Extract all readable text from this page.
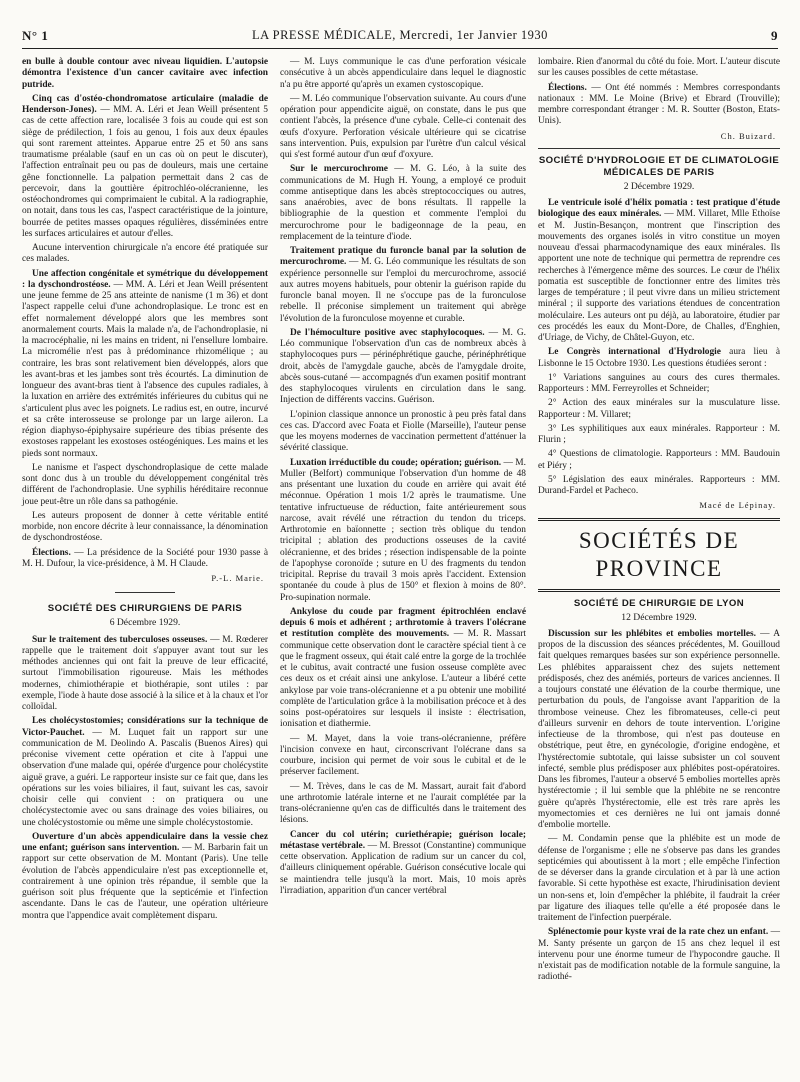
N° 1	LA PRESSE MÉDICALE, Mercredi, 1er Janvier 1930	9

en bulle à double contour avec niveau liquidien. L'autopsie démontra l'existence d'un cancer cavitaire avec infection putride.

Cinq cas d'ostéo-chondromatose articulaire (maladie de Henderson-Jones). — MM. A. Léri et Jean Weill présentent 5 cas de cette affection rare, localisée 3 fois au coude qui est son siège de prédilection, 1 fois au genou, 1 fois aux deux épaules qui sont rarement atteintes. Apparue entre 25 et 50 ans sans traumatisme préalable (sauf en un cas où on peut le discuter), l'affection entraînait peu ou pas de douleurs, mais une certaine gêne fonctionnelle. La palpation permettait dans 2 cas de percevoir, dans la gouttière épitrochléo-olécranienne, les ostéochondromes qui comprimaient le cubital. A la radiographie, on notait, dans tous les cas, l'aspect caractéristique de la jointure, bourrée de petites masses opaques régulières, disséminées entre les surfaces articulaires et autour d'elles.

Aucune intervention chirurgicale n'a encore été pratiquée sur ces malades.

Une affection congénitale et symétrique du développement : la dyschondrostéose. — MM. A. Léri et Jean Weill présentent une jeune femme de 25 ans atteinte de nanisme (1 m 36) et dont l'aspect rappelle celui d'une achondroplasique. Le tronc est en effet normalement développé alors que les membres sont anormalement courts. Mais la malade n'a, de l'achondroplasie, ni la macrocéphalie, ni les mains en trident, ni l'ensellure lombaire. La micromélie n'est pas à prédominance rhizomélique ; au contraire, les bras sont relativement bien développés, alors que les avant-bras et les jambes sont très écourtés. La diminution de longueur des avant-bras tient à l'absence des cupules radiales, à la luxation en arrière des extrémités inférieures du cubitus qui ne s'articulent plus avec les poignets. Le radius est, en outre, incurvé et sa crête interosseuse se prolonge par un large aileron. La région diaphyso-épiphysaire supérieure des tibias présente des exostoses rappelant les exostoses ostéogéniques. Les mains et les pieds sont normaux.

Le nanisme et l'aspect dyschondroplasique de cette malade sont donc dus à un trouble du développement congénital très différent de l'achondroplasie. Une syphilis héréditaire reconnue joue peut-être un rôle dans sa pathogénie.

Les auteurs proposent de donner à cette véritable entité morbide, non encore décrite à leur connaissance, la dénomination de dyschondrostéose.

Élections. — La présidence de la Société pour 1930 passe à M. H. Dufour, la vice-présidence, à M. H Claude.

P.-L. Marie.
SOCIÉTÉ DES CHIRURGIENS DE PARIS
6 Décembre 1929.

Sur le traitement des tuberculoses osseuses. — M. Rœderer rappelle que le traitement doit s'appuyer avant tout sur les méthodes anciennes qui ont fait la preuve de leur efficacité, surtout l'immobilisation rigoureuse. Mais les méthodes modernes, chimiothérapie et biothérapie, sont utiles : par exemple, l'iode à haute dose associé à la silice et à la chaux et l'or colloïdal.

Les cholécystostomies; considérations sur la technique de Victor-Pauchet. — M. Luquet fait un rapport sur une communication de M. Deolindo A. Pascalis (Buenos Aires) qui préconise vivement cette opération et cite à l'appui une observation d'une malade qui, opérée d'urgence pour cholécystite aiguë grave, a guéri. Le rapporteur insiste sur ce fait que, dans les opérations sur les voies biliaires, il faut, suivant les cas, savoir choisir celle qui convient : on pratiquera ou une cholécystectomie avec ou sans drainage des voies biliaires, ou une cholécystostomie ou même une simple cholécystostomie.

Ouverture d'un abcès appendiculaire dans la vessie chez une enfant; guérison sans intervention. — M. Barbarin fait un rapport sur cette observation de M. Montant (Paris). Une telle évolution de l'abcès appendiculaire n'est pas exceptionnelle et, contrairement à une opinion très répandue, il semble que la guérison soit plus fréquente que la septicémie et l'infection ascendante. Dans le cas de l'auteur, une opération ultérieure montra que l'appendice avait complètement disparu.

— M. Luys communique le cas d'une perforation vésicale consécutive à un abcès appendiculaire dans lequel le diagnostic n'a pu être apporté qu'après un examen cystoscopique.

— M. Léo communique l'observation suivante. Au cours d'une opération pour appendicite aiguë, on constate, dans le pus que contient l'abcès, la présence d'une cybale. Celle-ci contenait des œufs d'oxyure. Perforation vésicale ultérieure qui se cicatrise sans intervention. Puis, expulsion par l'urètre d'un calcul vésical qui s'est formé autour d'un œuf d'oxyure.

Sur le mercurochrome — M. G. Léo, à la suite des communications de M. Hugh H. Young, a employé ce produit comme antiseptique dans les abcès streptococciques ou autres, sans anaérobies, avec de bons résultats. Il rappelle la bibliographie de la question et commente l'emploi du mercurochrome pour le badigeonnage de la peau, en remplacement de la teinture d'iode.

Traitement pratique du furoncle banal par la solution de mercurochrome. — M. G. Léo communique les résultats de son expérience personnelle sur l'emploi du mercurochrome, associé aux autres moyens habituels, pour obtenir la guérison rapide du furoncle banal moyen. Il ne s'occupe pas de la furonculose rebelle. Il préconise simplement un traitement qui abrège l'évolution de la furonculose moyenne et curable.

De l'hémoculture positive avec staphylocoques. — M. G. Léo communique l'observation d'un cas de nombreux abcès à staphylocoques purs — périnéphrétique gauche, périnéphrétique droit, abcès de l'amygdale gauche, abcès de l'amygdale droite, abcès sous-cutané — accompagnés d'un examen positif montrant des staphylocoques virulents en circulation dans le sang. Injection de différents vaccins. Guérison.

L'opinion classique annonce un pronostic à peu près fatal dans ces cas. D'accord avec Foata et Fiolle (Marseille), l'auteur pense que les moyens modernes de vaccination permettent d'atténuer la sévérité classique.

Luxation irréductible du coude; opération; guérison. — M. Muller (Belfort) communique l'observation d'un homme de 48 ans présentant une luxation du coude en arrière qui avait été méconnue. Opération 1 mois 1/2 après le traumatisme. Une tentative infructueuse de réduction, faite antérieurement sous narcose, avait révélé une rétraction du tendon du triceps. Arthrotomie en baïonnette ; section très oblique du tendon tricipital ; ablation des productions osseuses de la cavité olécranienne, et des brides ; résection indispensable de la pointe de l'apophyse coronoïde ; suture en U des fragments du tendon tricipital. Reprise du travail 3 mois après l'accident. Extension spontanée du coude à plus de 150° et flexion à moins de 80°. Pro-supination normale.

Ankylose du coude par fragment épitrochléen enclavé depuis 6 mois et adhérent ; arthrotomie à travers l'olécrane et restitution complète des mouvements. — M. R. Massart communique cette observation dont le caractère spécial tient à ce que le fragment osseux, qui était calé entre la gorge de la trochlée et le cubitus, avait contracté une fusion osseuse complète avec ces deux os et créait ainsi une ankylose. L'auteur a libéré cette ankylose par voie trans-olécranienne et a pu obtenir une mobilité complète de l'articulation grâce à la mobilisation précoce et à des soins post-opératoires sur lesquels il insiste : électrisation, ionisation et diathermie.

— M. Mayet, dans la voie trans-olécranienne, préfère l'incision convexe en haut, circonscrivant l'olécrane dans sa courbure, incision qui permet de voir sous le cubital et de le préserver facilement.

— M. Trèves, dans le cas de M. Massart, aurait fait d'abord une arthrotomie latérale interne et ne l'aurait complétée par la trans-olécranienne qu'en cas de difficultés dans le traitement des lésions.

Cancer du col utérin; curiethérapie; guérison locale; métastase vertébrale. — M. Bressot (Constantine) communique cette observation. Application de radium sur un cancer du col, d'ailleurs cliniquement opérable. Guérison consécutive locale qui se maintiendra telle jusqu'à la mort. Mais, 10 mois après l'irradiation, apparition d'un cancer vertébral

lombaire. Rien d'anormal du côté du foie. Mort. L'auteur discute sur les causes possibles de cette métastase.

Élections. — Ont été nommés : Membres correspondants nationaux : MM. Le Moine (Brive) et Ebrard (Trouville); membre correspondant étranger : M. R. Soutter (Boston, Etats-Unis).

Ch. Buizard.
SOCIÉTÉ D'HYDROLOGIE ET DE CLIMATOLOGIE MÉDICALES DE PARIS
2 Décembre 1929.

Le ventricule isolé d'hélix pomatia : test pratique d'étude biologique des eaux minérales. — MM. Villaret, Mlle Ethoïse et M. Justin-Besançon, montrent que l'inscription des mouvements des organes isolés in vitro constitue un moyen nouveau d'essai pharmacodynamique des eaux minérales. Ils apportent une note de technique qui permettra de reprendre ces recherches à l'émergence même des sources. Le cœur de l'hélix pomatia est susceptible de fonctionner entre des limites très larges de température ; il peut vivre dans un milieu strictement minéral ; il supporte des variations étendues de concentration moléculaire. Les auteurs ont pu déjà, au laboratoire, étudier par ces procédés les eaux du Mont-Dore, de Challes, d'Enghien, d'Uriage, de Vichy, de Châtel-Guyon, etc.

Le Congrès international d'Hydrologie aura lieu à Lisbonne le 15 Octobre 1930. Les questions étudiées seront :

1° Variations sanguines au cours des cures thermales. Rapporteurs : MM. Ferreyrolles et Schneider;

2° Action des eaux minérales sur la musculature lisse. Rapporteur : M. Villaret;

3° Les syphilitiques aux eaux minérales. Rapporteur : M. Flurin ;

4° Questions de climatologie. Rapporteurs : MM. Baudouin et Piéry ;

5° Législation des eaux minérales. Rapporteurs : MM. Durand-Fardel et Pacheco.

Macé de Lépinay.
SOCIÉTÉS DE PROVINCE
SOCIÉTÉ DE CHIRURGIE DE LYON
12 Décembre 1929.

Discussion sur les phlébites et embolies mortelles. — A propos de la discussion des séances précédentes, M. Gouilloud fait quelques remarques basées sur son expérience personnelle. Les phlébites apparaissent chez des sujets nettement prédisposés, chez des anémiés, porteurs de varices anciennes. Il a toujours constaté une élévation de la courbe thermique, une perturbation du pouls, de l'angoisse avant l'apparition de la thrombose veineuse. Chez les fibromateuses, celle-ci peut d'ailleurs survenir en dehors de toute intervention. L'origine infectieuse de la thrombose, qui n'est pas douteuse en obstétrique, peut être, en gynécologie, d'origine endogène, et l'hystérectomie subtotale, qui laisse subsister un col souvent infecté, semble plus prédisposer aux phlébites post-opératoires. Dans les fibromes, l'auteur a observé 5 embolies mortelles après hystérectomie ; il lui semble que la phlébite ne se rencontre guère qu'après l'hystérectomie, elle est très rare après les myomectomies et ces dernières ne lui ont jamais donné d'embolie mortelle.

— M. Condamin pense que la phlébite est un mode de défense de l'organisme ; elle ne s'observe pas dans les grandes septicémies qui aboutissent à la mort ; elle empêche l'infection de se déverser dans la grande circulation et à par là une action favorable. Si cette hypothèse est exacte, l'hirudinisation devient un non-sens et, loin d'empêcher la phlébite, il faudrait la créer par ligature des iliaques telle qu'elle a été proposée dans le traitement de l'infection puerpérale.

Splénectomie pour kyste vrai de la rate chez un enfant. — M. Santy présente un garçon de 15 ans chez lequel il est intervenu pour une énorme tumeur de l'hypocondre gauche. Il n'existait pas de modification notable de la formule sanguine, la radiothé-
